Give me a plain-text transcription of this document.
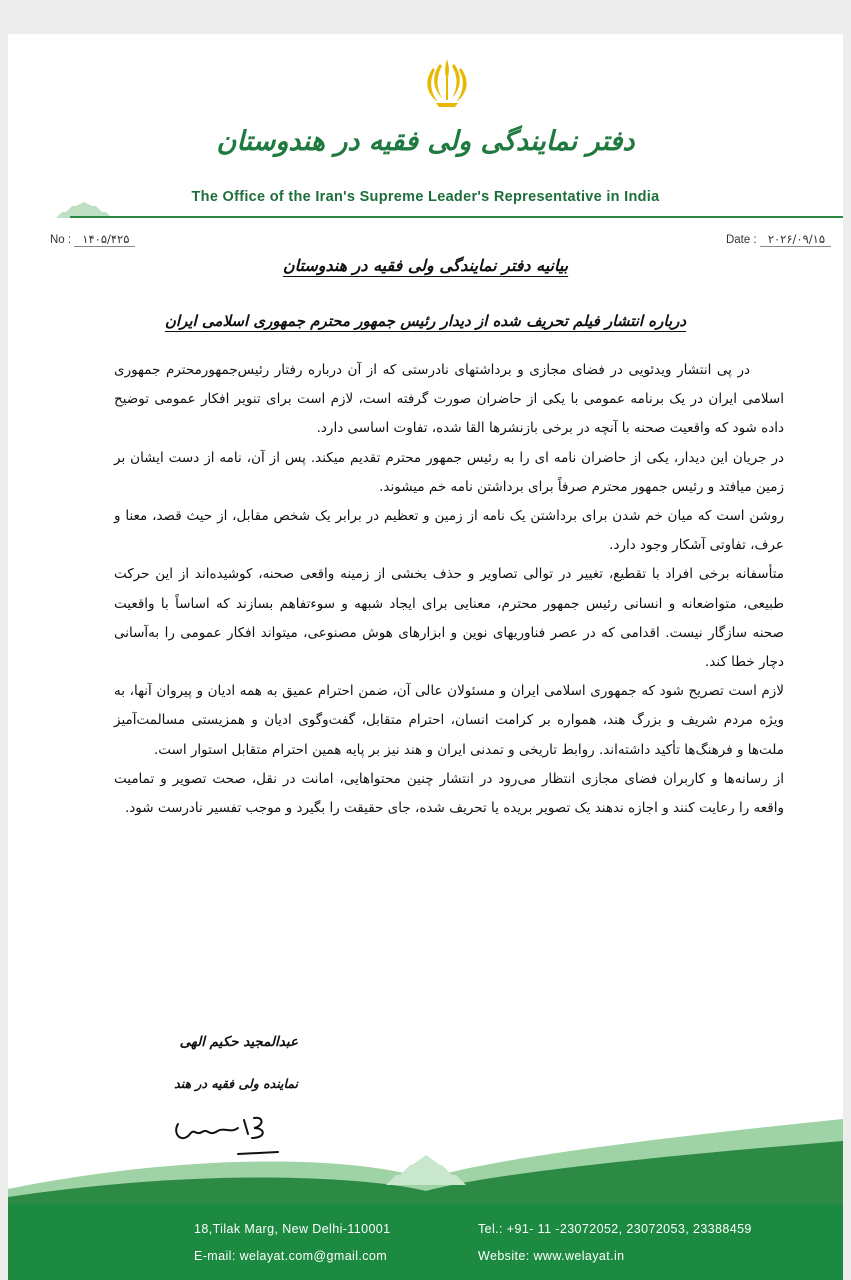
دفتر نمایندگی ولی فقیه در هندوستان
The Office of the Iran's Supreme Leader's Representative in India
No : ۱۴۰۵/۴۲۵	Date : ۲۰۲۶/۰۹/۱۵
بیانیه دفتر نمایندگی ولی فقیه در هندوستان
درباره انتشار فیلم تحریف شده از دیدار رئیس جمهور محترم جمهوری اسلامی ایران

در پی انتشار ویدئویی در فضای مجازی و برداشتهای نادرستی که از آن درباره رفتار رئیس‌جمهورمحترم جمهوری اسلامی ایران در یک برنامه عمومی با یکی از حاضران صورت گرفته است، لازم است برای تنویر افکار عمومی توضیح داده شود که واقعیت صحنه با آنچه در برخی بازنشرها القا شده، تفاوت اساسی دارد.

در جریان این دیدار، یکی از حاضران نامه ای را به رئیس جمهور محترم تقدیم میکند. پس از آن، نامه از دست ایشان بر زمین میافتد و رئیس جمهور محترم صرفاً برای برداشتن نامه خم میشوند.

روشن است که میان خم شدن برای برداشتن یک نامه از زمین و تعظیم در برابر یک شخص مقابل، از حیث قصد، معنا و عرف، تفاوتی آشکار وجود دارد.

متأسفانه برخی افراد با تقطیع، تغییر در توالی تصاویر و حذف بخشی از زمینه واقعی صحنه، کوشیده‌اند از این حرکت طبیعی، متواضعانه و انسانی رئیس جمهور محترم، معنایی برای ایجاد شبهه و سوءتفاهم بسازند که اساساً با واقعیت صحنه سازگار نیست. اقدامی که در عصر فناوریهای نوین و ابزارهای هوش مصنوعی، میتواند افکار عمومی را به‌آسانی دچار خطا کند.

لازم است تصریح شود که جمهوری اسلامی ایران و مسئولان عالی آن، ضمن احترام عمیق به همه ادیان و پیروان آنها، به ویژه مردم شریف و بزرگ هند، همواره بر کرامت انسان، احترام متقابل، گفت‌وگوی ادیان و همزیستی مسالمت‌آمیز ملت‌ها و فرهنگ‌ها تأکید داشته‌اند. روابط تاریخی و تمدنی ایران و هند نیز بر پایه همین احترام متقابل استوار است.

از رسانه‌ها و کاربران فضای مجازی انتظار می‌رود در انتشار چنین محتواهایی، امانت در نقل، صحت تصویر و تمامیت واقعه را رعایت کنند و اجازه ندهند یک تصویر بریده یا تحریف شده، جای حقیقت را بگیرد و موجب تفسیر نادرست شود.

عبدالمجید حکیم الهی
نماینده ولی فقیه در هند
18,Tilak Marg, New Delhi-110001	Tel.: +91- 11 -23072052, 23072053, 23388459
E-mail: welayat.com@gmail.com	Website: www.welayat.in
